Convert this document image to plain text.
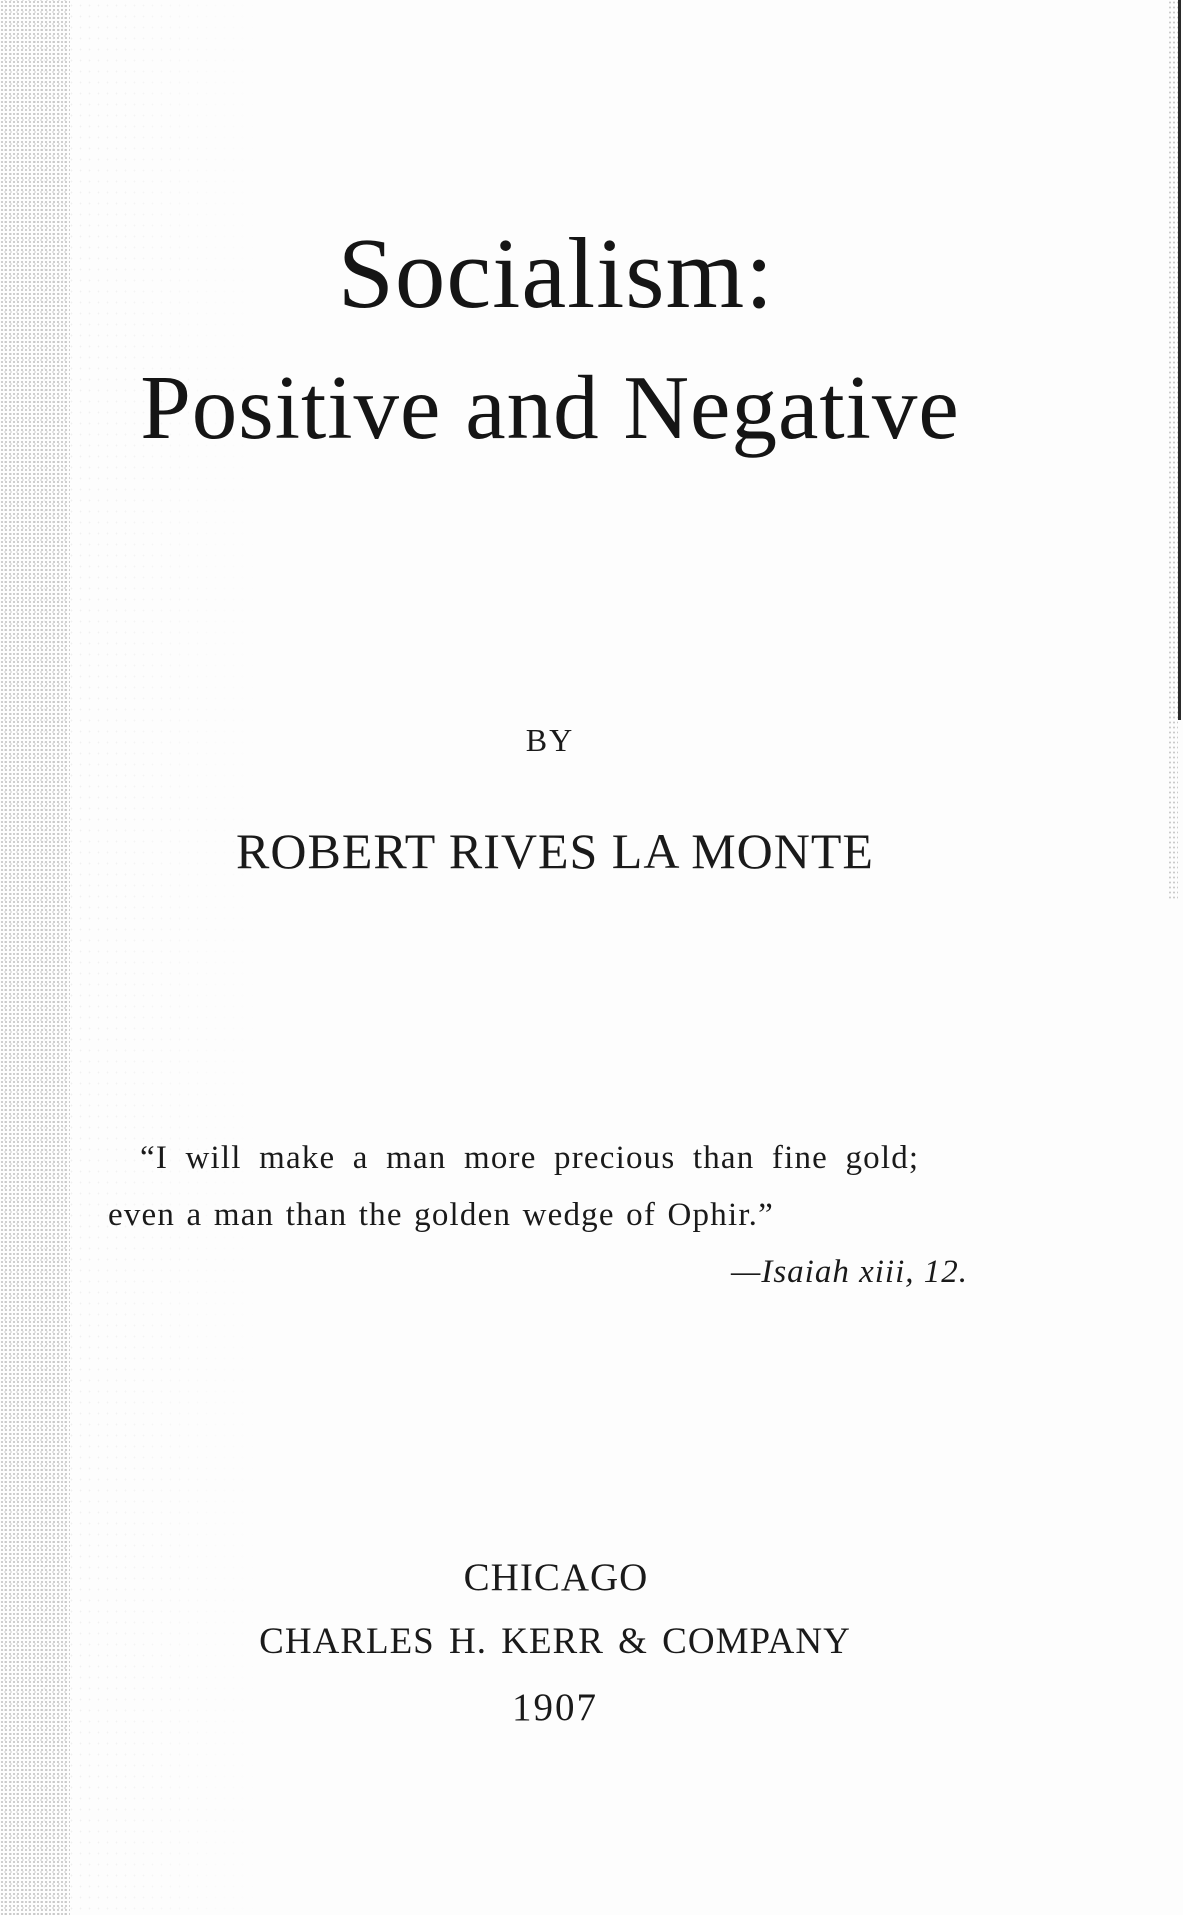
Socialism:
Positive and Negative
BY
ROBERT RIVES LA MONTE
“I will make a man more precious than fine gold;
even a man than the golden wedge of Ophir.”
—Isaiah xiii, 12.
CHICAGO
CHARLES H. KERR & COMPANY
1907
